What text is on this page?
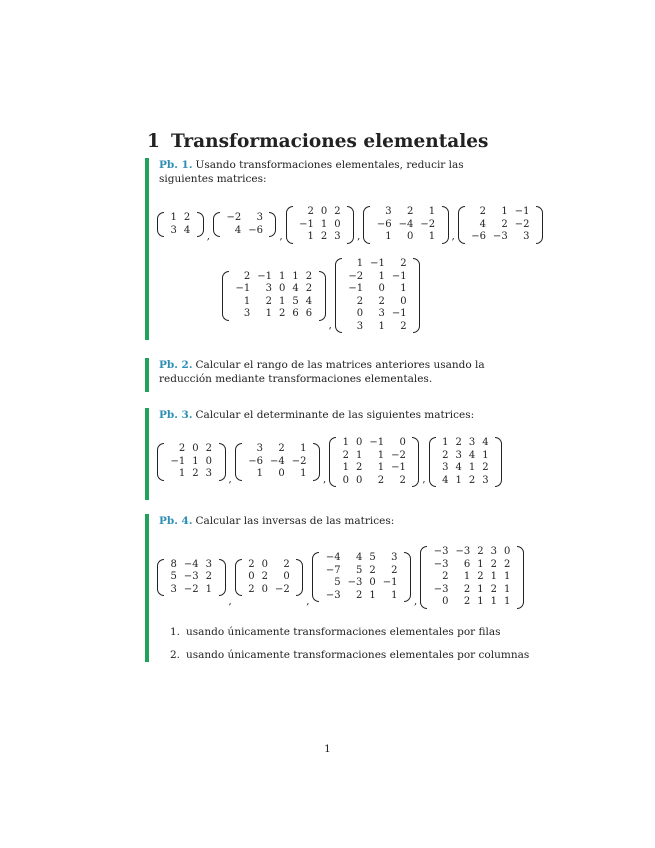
1 Transformaciones elementales
Pb. 1. Usando transformaciones elementales, reducir las siguientes matrices:
1	2
3	4
,
−2	3
4	−6
,
2	0	2
−1	1	0
1	2	3 ,
3	2	1
−6	−4	−2
1	0	1 ,
2	1	−1
4	2	−2
−6	−3	3
2	−1	1	1	2
−1	3	0	4	2
1	2	1	5	4
3	1	2	6	6
,
1	−1	2
−2	1	−1
−1	0	1
2	2	0
0	3	−1
3	1	2
Pb. 2. Calcular el rango de las matrices anteriores usando la reducción mediante transformaciones elementales.
Pb. 3. Calcular el determinante de las siguientes matrices:
2	0	2
−1	1	0
1	2	3
,
3	2	1
−6	−4	−2
1	0	1
,
1	0	−1	0
2	1	1	−2
1	2	1	−1
0	0	2	2 ,
1	2	3	4
2	3	4	1
3	4	1	2
4	1	2	3
Pb. 4. Calcular las inversas de las matrices:
8	−4	3
5	−3	2
3	−2	1
,
2	0	2
0	2	0
2	0	−2
,
−4	4	5	3
−7	5	2	2
5	−3	0	−1
−3	2	1	1
,
−3	−3	2	3	0
−3	6	1	2	2
2	1	2	1	1
−3	2	1	2	1
0	2	1	1	1
1. usando únicamente transformaciones elementales por filas
2. usando únicamente transformaciones elementales por columnas
1
